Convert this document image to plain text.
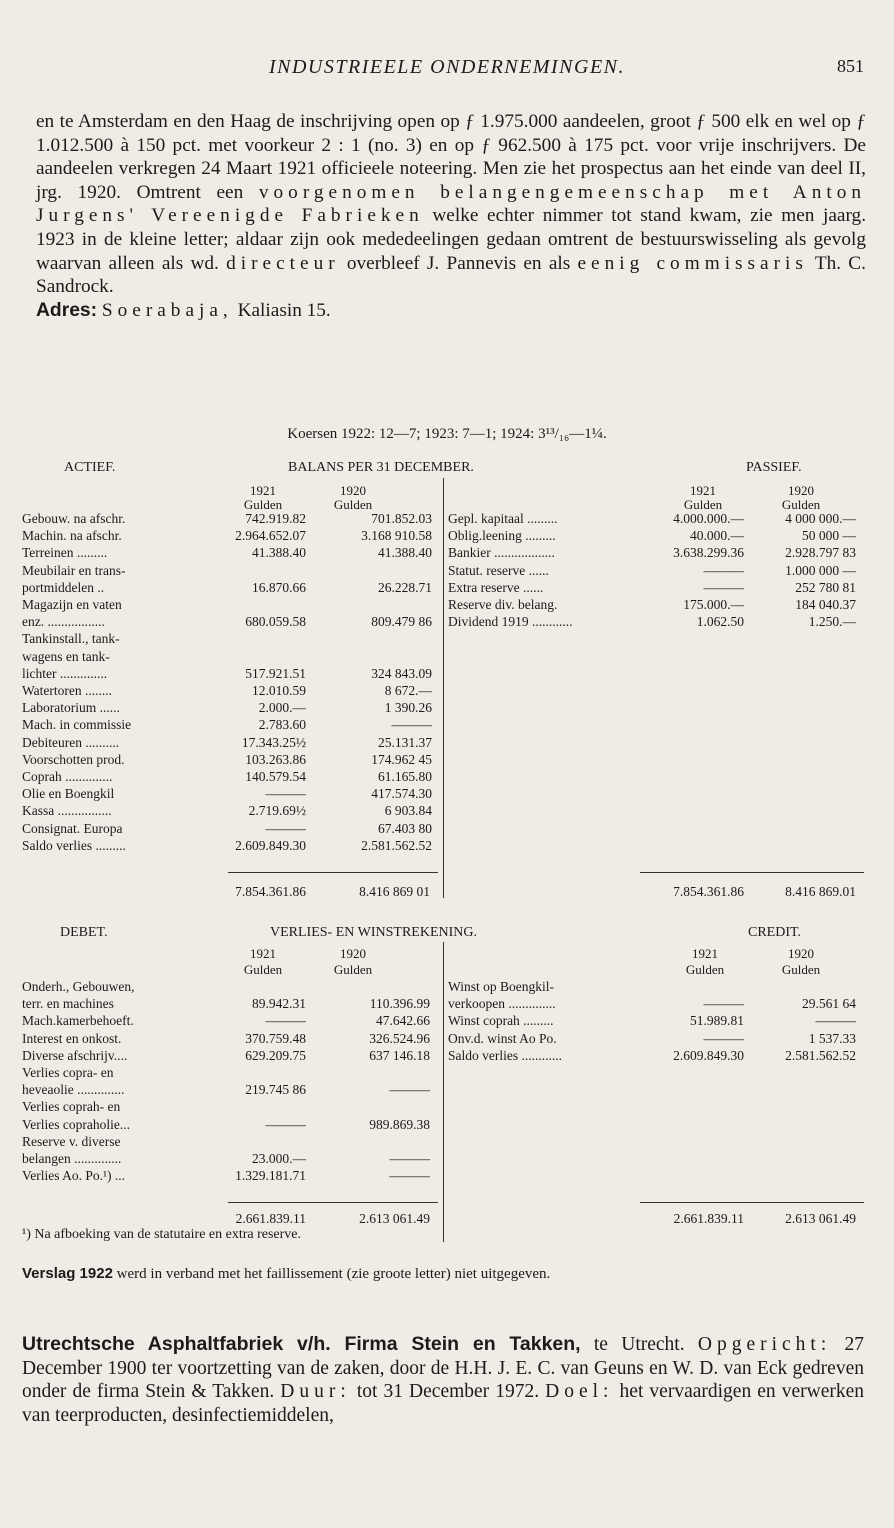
INDUSTRIEELE ONDERNEMINGEN.	851

en te Amsterdam en den Haag de inschrijving open op ƒ 1.975.000 aandeelen, groot ƒ 500 elk en wel op ƒ 1.012.500 à 150 pct. met voorkeur 2 : 1 (no. 3) en op ƒ 962.500 à 175 pct. voor vrije inschrijvers. De aandeelen verkregen 24 Maart 1921 officieele noteering. Men zie het prospectus aan het einde van deel II, jrg. 1920. Omtrent een voorgenomen belangengemeenschap met Anton Jurgens' Vereenigde Fabrieken welke echter nimmer tot stand kwam, zie men jaarg. 1923 in de kleine letter; aldaar zijn ook mededeelingen gedaan omtrent de bestuurswisseling als gevolg waarvan alleen als wd. directeur overbleef J. Pannevis en als eenig commissaris Th. C. Sandrock.
Adres: Soerabaja, Kaliasin 15.

Koersen 1922: 12—7; 1923: 7—1; 1924: 3¹³/₁₆—1¼.
ACTIEF.	BALANS PER 31 DECEMBER.	PASSIEF.
1921	1920
Gulden	Gulden
1921	1920
Gulden	Gulden
Gebouw. na afschr.	742.919.82	701.852.03
Machin. na afschr.	2.964.652.07	3.168 910.58
Terreinen .........	41.388.40	41.388.40
Meubilair en trans-
portmiddelen ..	16.870.66	26.228.71
Magazijn en vaten
enz. .................	680.059.58	809.479 86
Tankinstall., tank-
wagens en tank-
lichter ..............	517.921.51	324 843.09
Watertoren ........	12.010.59	8 672.—
Laboratorium ......	2.000.—	1 390.26
Mach. in commissie	2.783.60	———
Debiteuren ..........	17.343.25½	25.131.37
Voorschotten prod.	103.263.86	174.962 45
Coprah ..............	140.579.54	61.165.80
Olie en Boengkil	———	417.574.30
Kassa ................	2.719.69½	6 903.84
Consignat. Europa	———	67.403 80
Saldo verlies .........	2.609.849.30	2.581.562.52
Gepl. kapitaal .........	4.000.000.—	4 000 000.—
Oblig.leening .........	40.000.—	50 000 —
Bankier ..................	3.638.299.36	2.928.797 83
Statut. reserve ......	———	1.000 000 —
Extra reserve ......	———	252 780 81
Reserve div. belang.	175.000.—	184 040.37
Dividend 1919 ............	1.062.50	1.250.—
7.854.361.86	8.416 869 01	7.854.361.86	8.416 869.01
DEBET.	VERLIES- EN WINSTREKENING.	CREDIT.
1921	1920
Gulden	Gulden
1921	1920
Gulden	Gulden
Onderh., Gebouwen,
terr. en machines	89.942.31	110.396.99
Mach.kamerbehoeft.	———	47.642.66
Interest en onkost.	370.759.48	326.524.96
Diverse afschrijv....	629.209.75	637 146.18
Verlies copra- en
heveaolie ..............	219.745 86	———
Verlies coprah- en
Verlies copraholie...	———	989.869.38
Reserve v. diverse
belangen ..............	23.000.—	———
Verlies Ao. Po.¹) ...	1.329.181.71	———
Winst op Boengkil-
verkoopen ..............	———	29.561 64
Winst coprah .........	51.989.81	———
Onv.d. winst Ao Po.	———	1 537.33
Saldo verlies ............	2.609.849.30	2.581.562.52
2.661.839.11	2.613 061.49	2.661.839.11	2.613 061.49
¹) Na afboeking van de statutaire en extra reserve.
Verslag 1922 werd in verband met het faillissement (zie groote letter) niet uitgegeven.

Utrechtsche Asphaltfabriek v/h. Firma Stein en Takken, te Utrecht. Opgericht: 27 December 1900 ter voortzetting van de zaken, door de H.H. J. E. C. van Geuns en W. D. van Eck gedreven onder de firma Stein & Takken. Duur: tot 31 December 1972. Doel: het vervaardigen en verwerken van teerproducten, desinfectiemiddelen,
